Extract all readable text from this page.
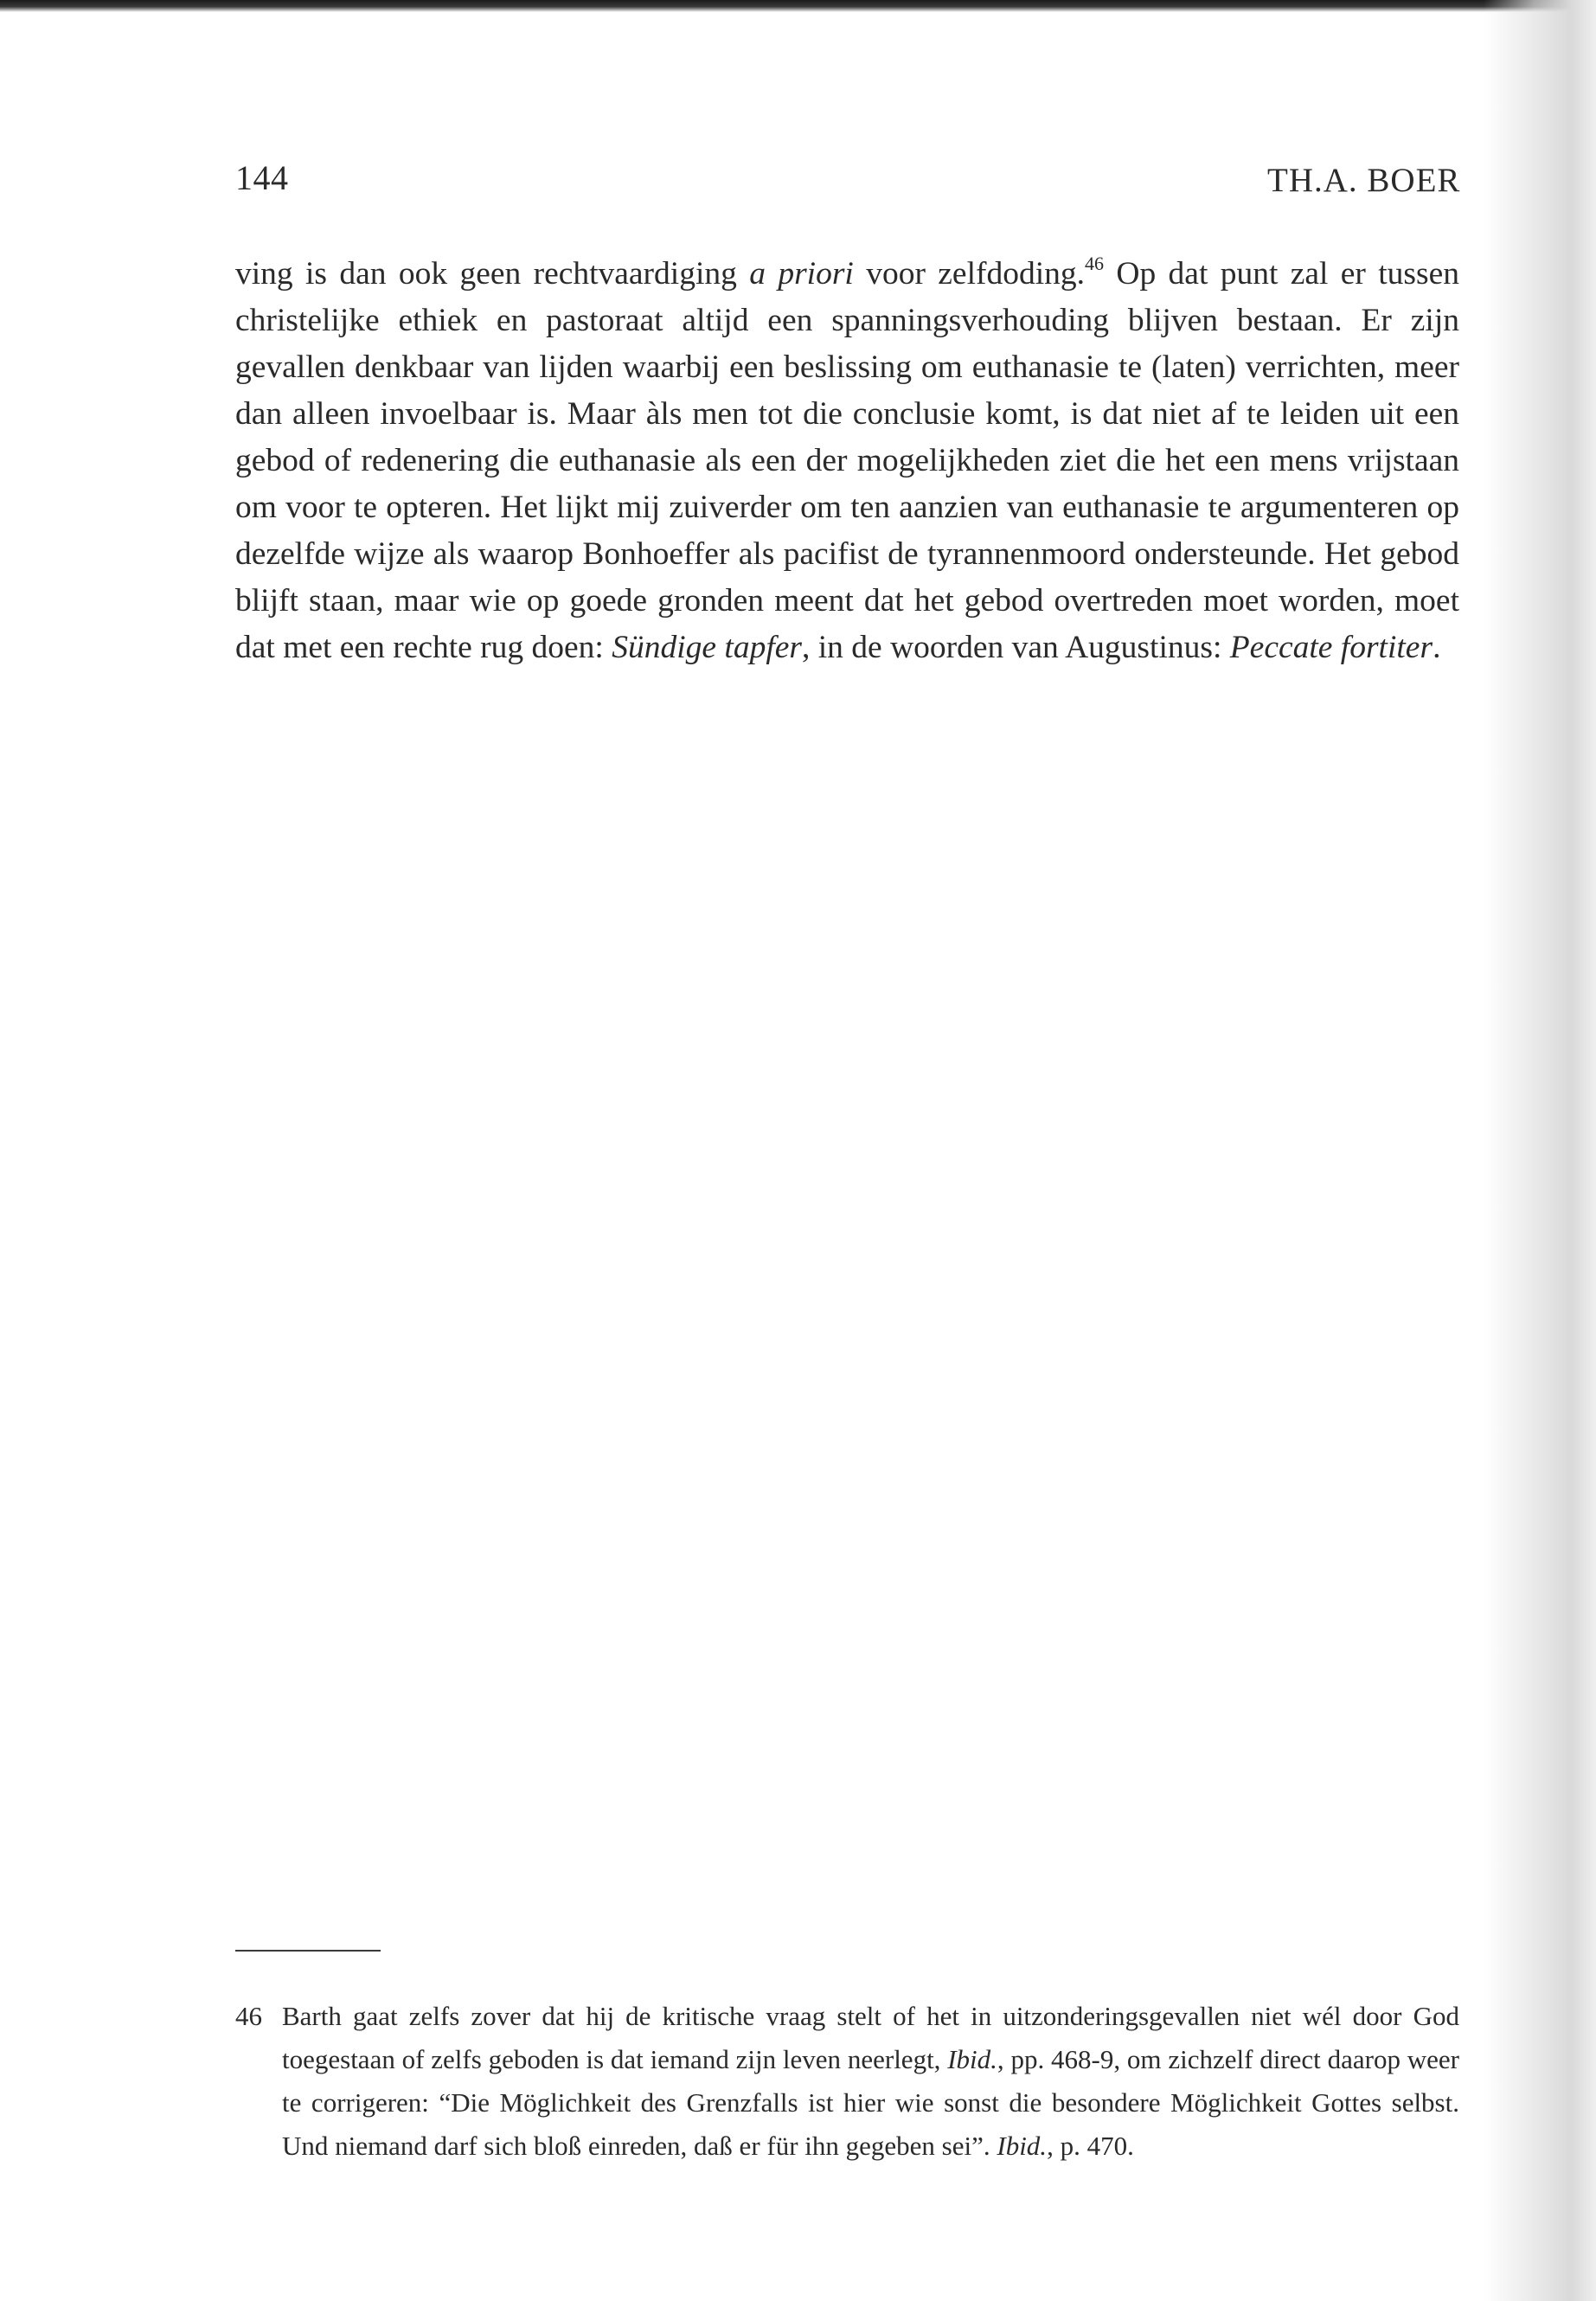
144	TH.A. BOER

ving is dan ook geen rechtvaardiging a priori voor zelfdoding.$^{46}$ Op dat punt zal er tussen christelijke ethiek en pastoraat altijd een spanningsverhouding blijven bestaan. Er zijn gevallen denkbaar van lijden waarbij een beslissing om euthanasie te (laten) verrichten, meer dan alleen invoelbaar is. Maar àls men tot die conclusie komt, is dat niet af te leiden uit een gebod of redenering die euthanasie als een der mogelijkheden ziet die het een mens vrijstaan om voor te opteren. Het lijkt mij zuiverder om ten aanzien van euthanasie te argumenteren op dezelfde wijze als waarop Bonhoeffer als pacifist de tyrannenmoord ondersteunde. Het gebod blijft staan, maar wie op goede gronden meent dat het gebod overtreden moet worden, moet dat met een rechte rug doen: Sündige tapfer, in de woorden van Augustinus: Peccate fortiter.

46 Barth gaat zelfs zover dat hij de kritische vraag stelt of het in uitzonderingsgevallen niet wél door God toegestaan of zelfs geboden is dat iemand zijn leven neerlegt, Ibid., pp. 468-9, om zichzelf direct daarop weer te corrigeren: “Die Möglichkeit des Grenzfalls ist hier wie sonst die besondere Möglichkeit Gottes selbst. Und niemand darf sich bloß einreden, daß er für ihn gegeben sei”. Ibid., p. 470.
